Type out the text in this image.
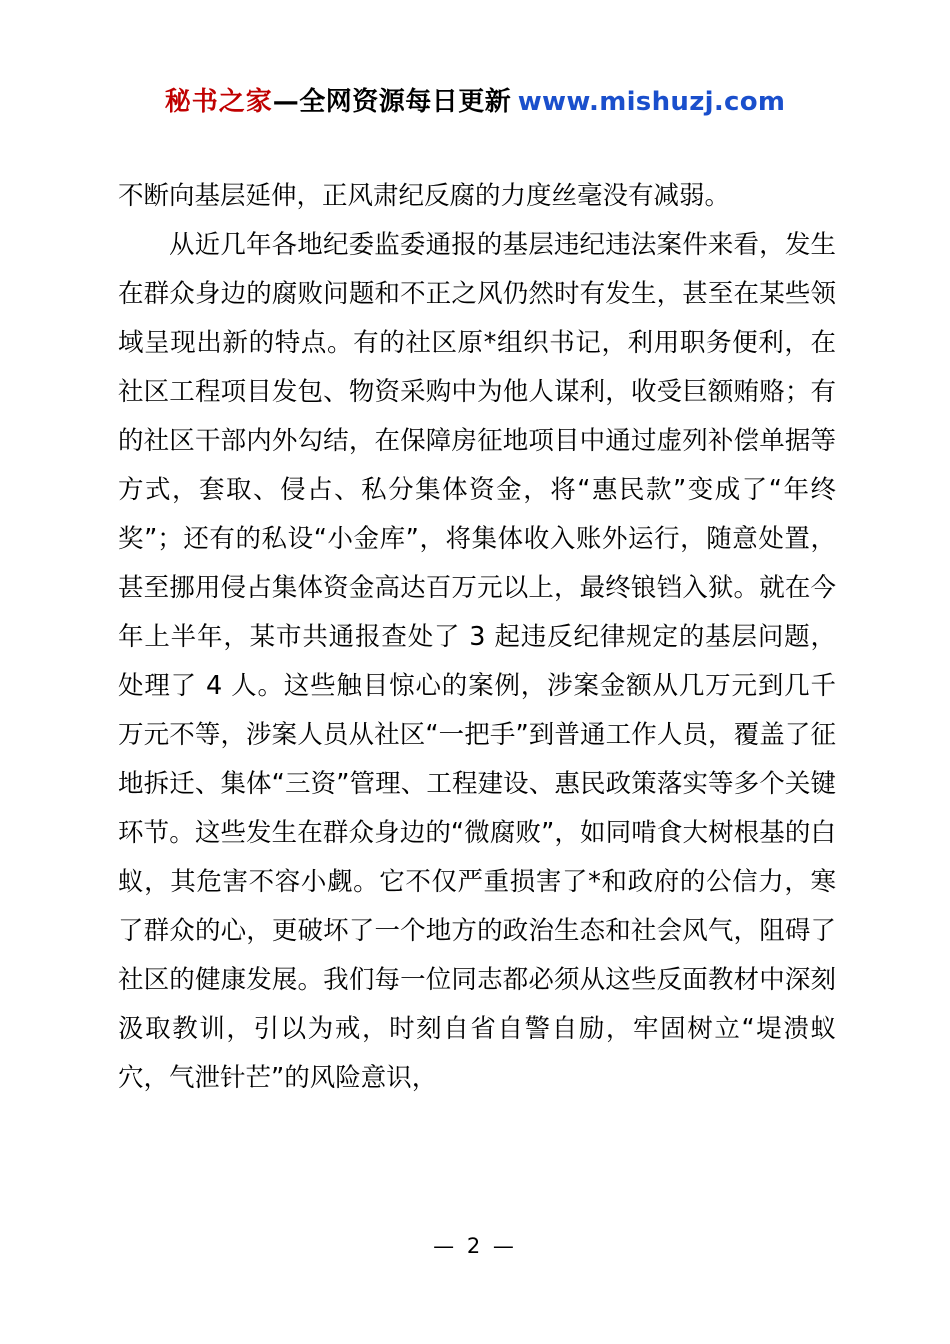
秘书之家—全网资源每日更新 www.mishuzj.com

不断向基层延伸，正风肃纪反腐的力度丝毫没有减弱。

从近几年各地纪委监委通报的基层违纪违法案件来看，发生在群众身边的腐败问题和不正之风仍然时有发生，甚至在某些领域呈现出新的特点。有的社区原*组织书记，利用职务便利，在社区工程项目发包、物资采购中为他人谋利，收受巨额贿赂；有的社区干部内外勾结，在保障房征地项目中通过虚列补偿单据等方式，套取、侵占、私分集体资金，将“惠民款”变成了“年终奖”；还有的私设“小金库”，将集体收入账外运行，随意处置，甚至挪用侵占集体资金高达百万元以上，最终锒铛入狱。就在今年上半年，某市共通报查处了 3 起违反纪律规定的基层问题，处理了 4 人。这些触目惊心的案例，涉案金额从几万元到几千万元不等，涉案人员从社区“一把手”到普通工作人员，覆盖了征地拆迁、集体“三资”管理、工程建设、惠民政策落实等多个关键环节。这些发生在群众身边的“微腐败”，如同啃食大树根基的白蚁，其危害不容小觑。它不仅严重损害了*和政府的公信力，寒了群众的心，更破坏了一个地方的政治生态和社会风气，阻碍了社区的健康发展。我们每一位同志都必须从这些反面教材中深刻汲取教训，引以为戒，时刻自省自警自励，牢固树立“堤溃蚁穴，气泄针芒”的风险意识，

— 2 —
